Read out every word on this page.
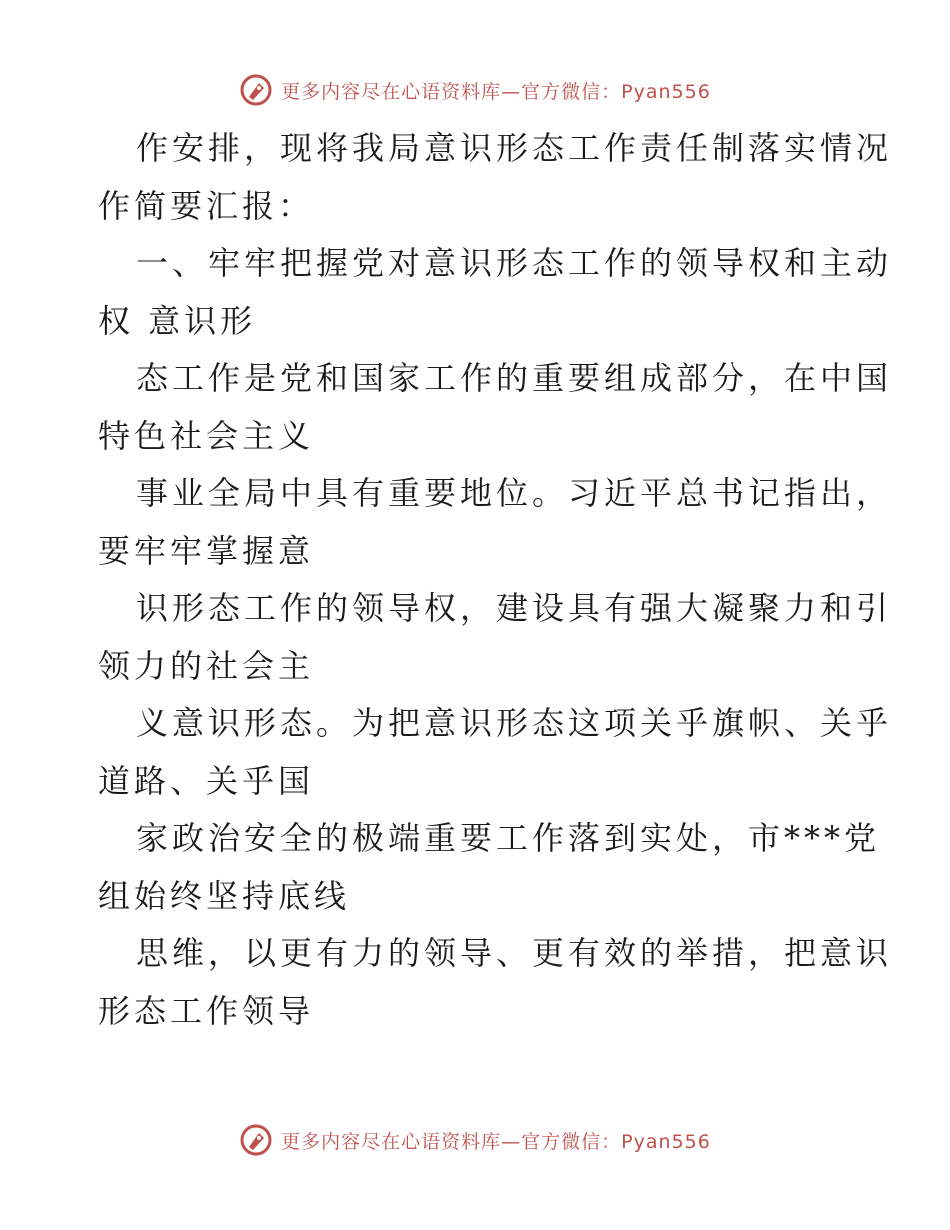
更多内容尽在心语资料库—官方微信：Pyan556
作安排，现将我局意识形态工作责任制落实情况
作简要汇报：
一、牢牢把握党对意识形态工作的领导权和主动
权 意识形
态工作是党和国家工作的重要组成部分，在中国
特色社会主义
事业全局中具有重要地位。习近平总书记指出，
要牢牢掌握意
识形态工作的领导权，建设具有强大凝聚力和引
领力的社会主
义意识形态。为把意识形态这项关乎旗帜、关乎
道路、关乎国
家政治安全的极端重要工作落到实处，市***党
组始终坚持底线
思维，以更有力的领导、更有效的举措，把意识
形态工作领导
更多内容尽在心语资料库—官方微信：Pyan556
